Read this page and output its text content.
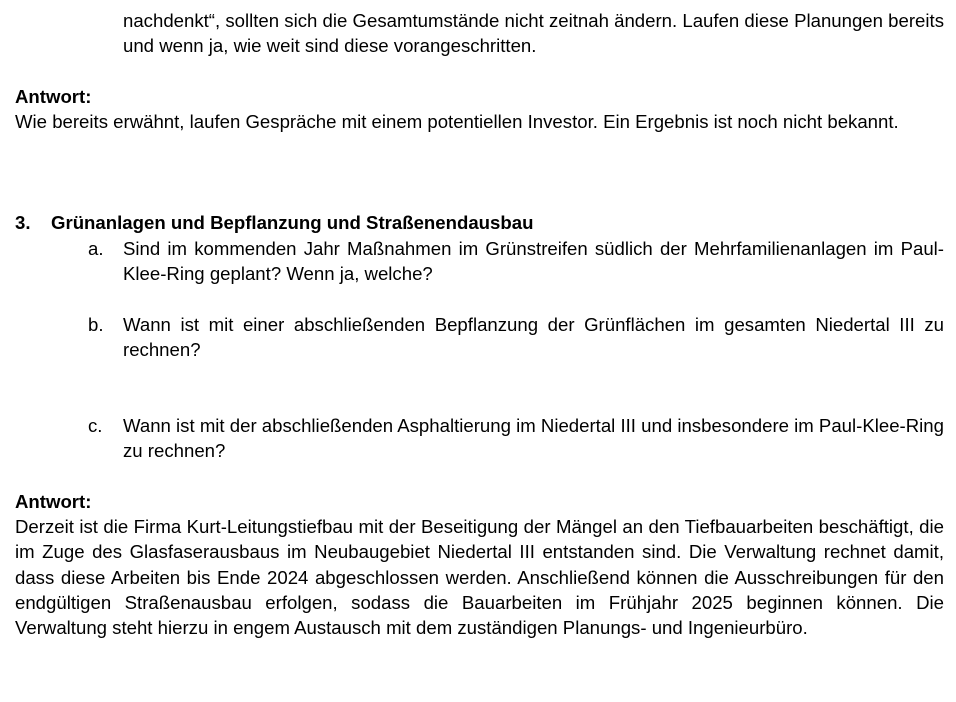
nachdenkt“, sollten sich die Gesamtumstände nicht zeitnah ändern. Laufen diese Planungen bereits und wenn ja, wie weit sind diese vorangeschritten.

Antwort:

Wie bereits erwähnt, laufen Gespräche mit einem potentiellen Investor. Ein Ergebnis ist noch nicht bekannt.

3.	Grünanlagen und Bepflanzung und Straßenendausbau
a.	Sind im kommenden Jahr Maßnahmen im Grünstreifen südlich der Mehrfamilienanlagen im Paul-Klee-Ring geplant? Wenn ja, welche?
b.	Wann ist mit einer abschließenden Bepflanzung der Grünflächen im gesamten Niedertal III zu rechnen?
c.	Wann ist mit der abschließenden Asphaltierung im Niedertal III und insbesondere im Paul-Klee-Ring zu rechnen?
Antwort:

Derzeit ist die Firma Kurt-Leitungstiefbau mit der Beseitigung der Mängel an den Tiefbauarbeiten beschäftigt, die im Zuge des Glasfaserausbaus im Neubaugebiet Niedertal III entstanden sind. Die Verwaltung rechnet damit, dass diese Arbeiten bis Ende 2024 abgeschlossen werden. Anschließend können die Ausschreibungen für den endgültigen Straßenausbau erfolgen, sodass die Bauarbeiten im Frühjahr 2025 beginnen können. Die Verwaltung steht hierzu in engem Austausch mit dem zuständigen Planungs- und Ingenieurbüro.
